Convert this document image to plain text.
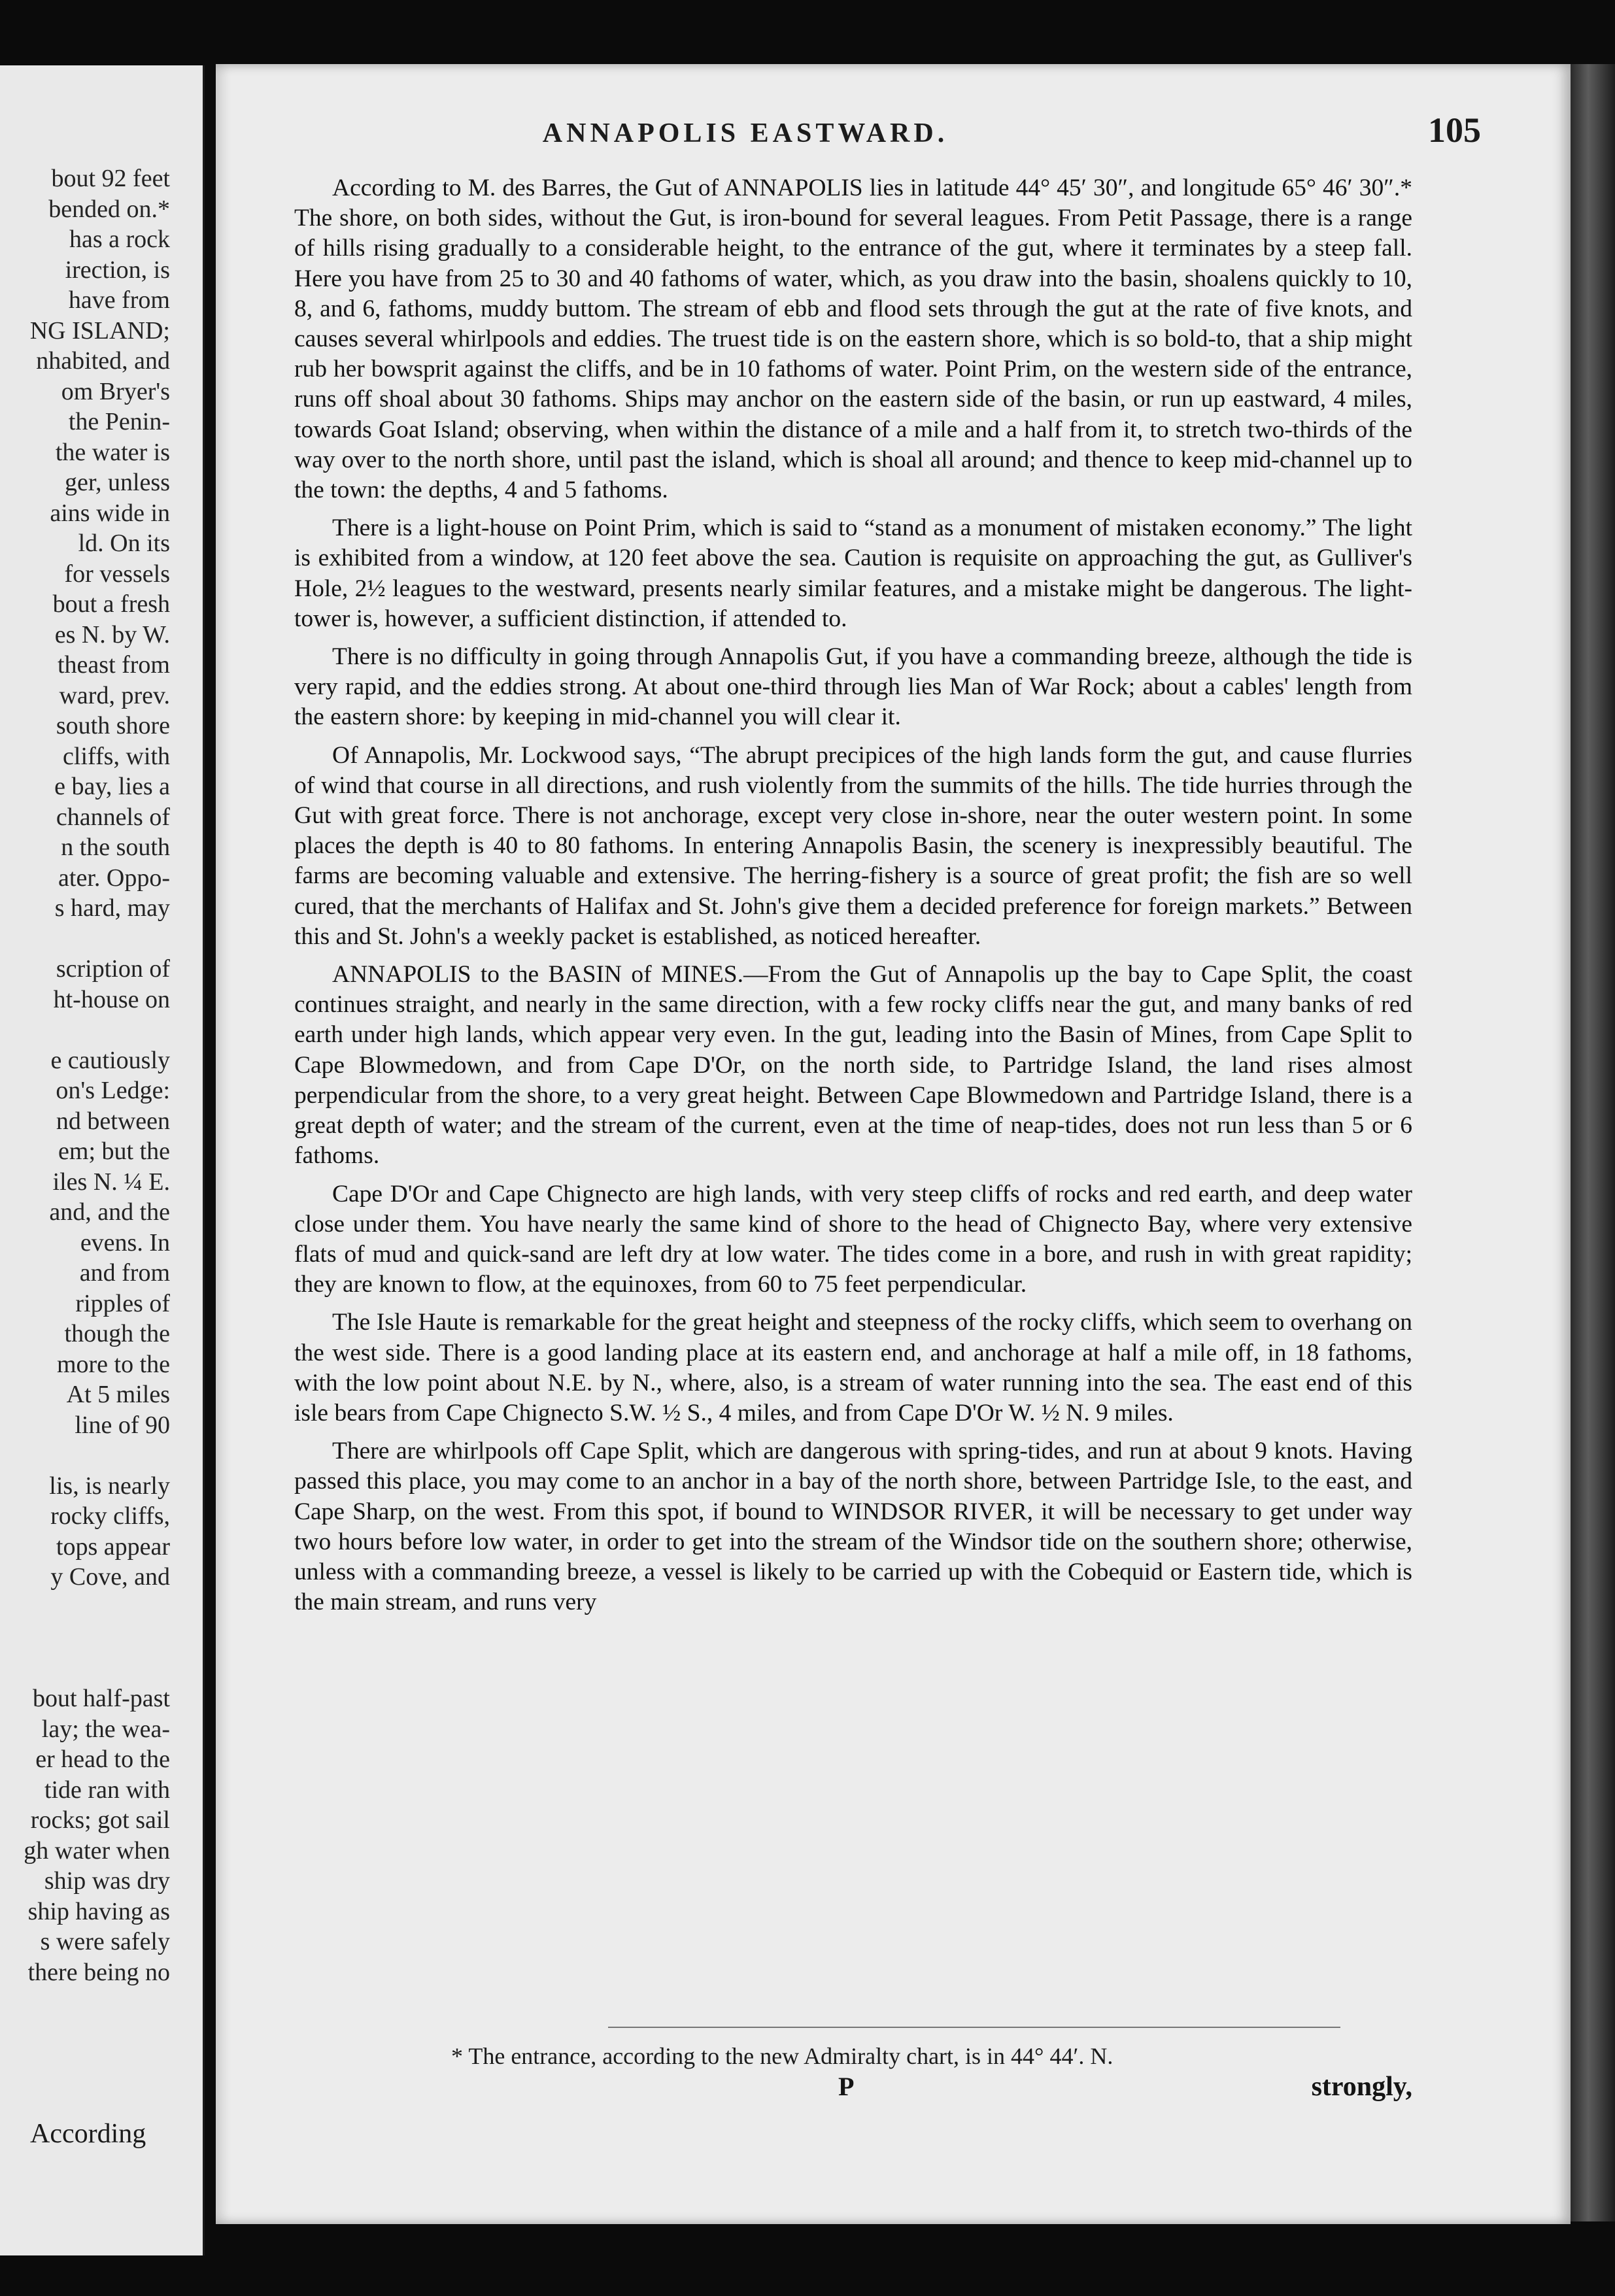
bout 92 feet
bended on.*
has a rock
irection, is
have from
NG ISLAND;
nhabited, and
om Bryer's
the Penin-
the water is
ger, unless
ains wide in
ld. On its
for vessels
bout a fresh
es N. by W.
theast from
ward, prev.
south shore
cliffs, with
e bay, lies a
channels of
n the south
ater. Oppo-
s hard, may

scription of
ht-house on

e cautiously
on's Ledge:
nd between
em; but the
iles N. ¼ E.
and, and the
evens. In
and from
ripples of
though the
more to the
At 5 miles
line of 90

lis, is nearly
rocky cliffs,
tops appear
y Cove, and

bout half-past
lay; the wea-
er head to the
tide ran with
rocks; got sail
gh water when
ship was dry
ship having as
s were safely
there being no
According
ANNAPOLIS EASTWARD.	105

According to M. des Barres, the Gut of ANNAPOLIS lies in latitude 44° 45′ 30″, and longitude 65° 46′ 30″.* The shore, on both sides, without the Gut, is iron-bound for several leagues. From Petit Passage, there is a range of hills rising gradually to a considerable height, to the entrance of the gut, where it terminates by a steep fall. Here you have from 25 to 30 and 40 fathoms of water, which, as you draw into the basin, shoalens quickly to 10, 8, and 6, fathoms, muddy buttom. The stream of ebb and flood sets through the gut at the rate of five knots, and causes several whirlpools and eddies. The truest tide is on the eastern shore, which is so bold-to, that a ship might rub her bowsprit against the cliffs, and be in 10 fathoms of water. Point Prim, on the western side of the entrance, runs off shoal about 30 fathoms. Ships may anchor on the eastern side of the basin, or run up eastward, 4 miles, towards Goat Island; observing, when within the distance of a mile and a half from it, to stretch two-thirds of the way over to the north shore, until past the island, which is shoal all around; and thence to keep mid-channel up to the town: the depths, 4 and 5 fathoms.

There is a light-house on Point Prim, which is said to “stand as a monument of mistaken economy.” The light is exhibited from a window, at 120 feet above the sea. Caution is requisite on approaching the gut, as Gulliver's Hole, 2½ leagues to the westward, presents nearly similar features, and a mistake might be dangerous. The light-tower is, however, a sufficient distinction, if attended to.

There is no difficulty in going through Annapolis Gut, if you have a commanding breeze, although the tide is very rapid, and the eddies strong. At about one-third through lies Man of War Rock; about a cables' length from the eastern shore: by keeping in mid-channel you will clear it.

Of Annapolis, Mr. Lockwood says, “The abrupt precipices of the high lands form the gut, and cause flurries of wind that course in all directions, and rush violently from the summits of the hills. The tide hurries through the Gut with great force. There is not anchorage, except very close in-shore, near the outer western point. In some places the depth is 40 to 80 fathoms. In entering Annapolis Basin, the scenery is inexpressibly beautiful. The farms are becoming valuable and extensive. The herring-fishery is a source of great profit; the fish are so well cured, that the merchants of Halifax and St. John's give them a decided preference for foreign markets.” Between this and St. John's a weekly packet is established, as noticed hereafter.

ANNAPOLIS to the BASIN of MINES.—From the Gut of Annapolis up the bay to Cape Split, the coast continues straight, and nearly in the same direction, with a few rocky cliffs near the gut, and many banks of red earth under high lands, which appear very even. In the gut, leading into the Basin of Mines, from Cape Split to Cape Blowmedown, and from Cape D'Or, on the north side, to Partridge Island, the land rises almost perpendicular from the shore, to a very great height. Between Cape Blowmedown and Partridge Island, there is a great depth of water; and the stream of the current, even at the time of neap-tides, does not run less than 5 or 6 fathoms.

Cape D'Or and Cape Chignecto are high lands, with very steep cliffs of rocks and red earth, and deep water close under them. You have nearly the same kind of shore to the head of Chignecto Bay, where very extensive flats of mud and quick-sand are left dry at low water. The tides come in a bore, and rush in with great rapidity; they are known to flow, at the equinoxes, from 60 to 75 feet perpendicular.

The Isle Haute is remarkable for the great height and steepness of the rocky cliffs, which seem to overhang on the west side. There is a good landing place at its eastern end, and anchorage at half a mile off, in 18 fathoms, with the low point about N.E. by N., where, also, is a stream of water running into the sea. The east end of this isle bears from Cape Chignecto S.W. ½ S., 4 miles, and from Cape D'Or W. ½ N. 9 miles.

There are whirlpools off Cape Split, which are dangerous with spring-tides, and run at about 9 knots. Having passed this place, you may come to an anchor in a bay of the north shore, between Partridge Isle, to the east, and Cape Sharp, on the west. From this spot, if bound to WINDSOR RIVER, it will be necessary to get under way two hours before low water, in order to get into the stream of the Windsor tide on the southern shore; otherwise, unless with a commanding breeze, a vessel is likely to be carried up with the Cobequid or Eastern tide, which is the main stream, and runs very

* The entrance, according to the new Admiralty chart, is in 44° 44′. N.
P	strongly,
